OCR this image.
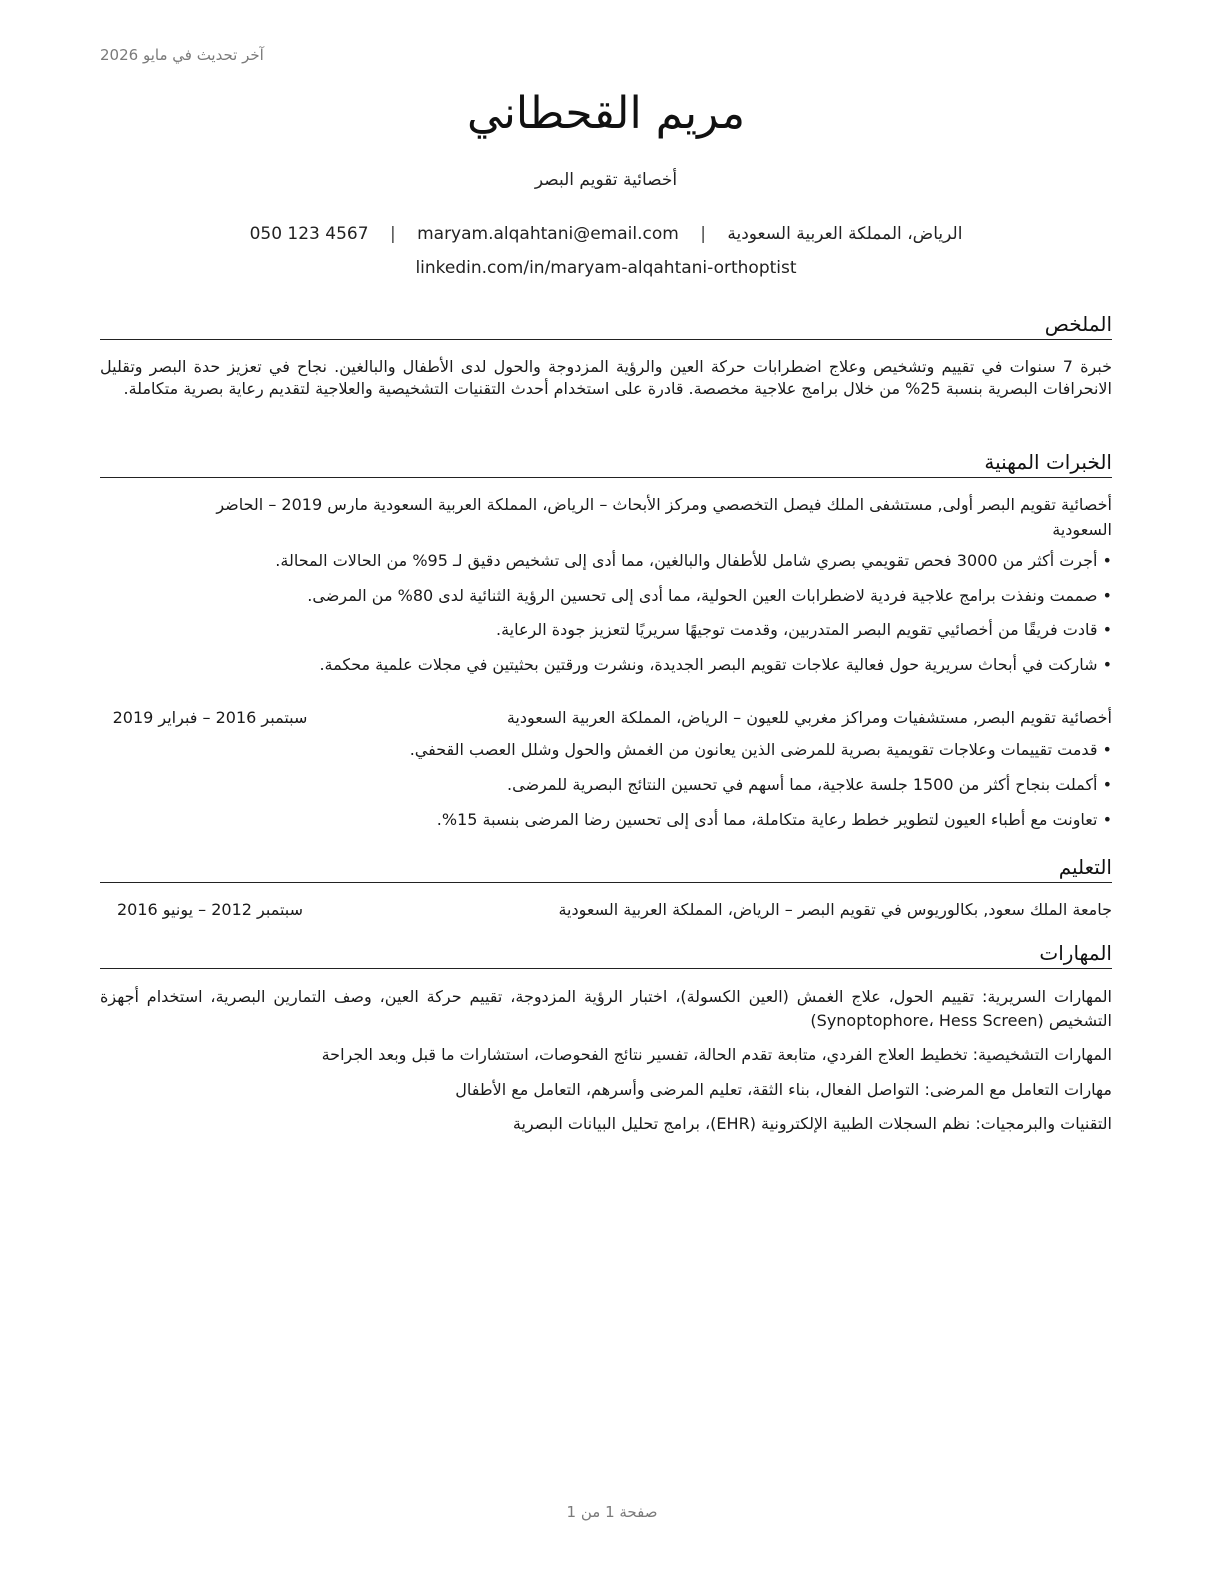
آخر تحديث في مايو 2026
مريم القحطاني
أخصائية تقويم البصر
الرياض، المملكة العربية السعودية | maryam.alqahtani@email.com | 050 123 4567
linkedin.com/in/maryam-alqahtani-orthoptist
الملخص
خبرة 7 سنوات في تقييم وتشخيص وعلاج اضطرابات حركة العين والرؤية المزدوجة والحول لدى الأطفال والبالغين. نجاح في تعزيز حدة البصر وتقليل الانحرافات البصرية بنسبة 25% من خلال برامج علاجية مخصصة. قادرة على استخدام أحدث التقنيات التشخيصية والعلاجية لتقديم رعاية بصرية متكاملة.
الخبرات المهنية
أخصائية تقويم البصر أولى, مستشفى الملك فيصل التخصصي ومركز الأبحاث – الرياض، المملكة العربية السعودية مارس 2019 – الحاضر
السعودية
• أجرت أكثر من 3000 فحص تقويمي بصري شامل للأطفال والبالغين، مما أدى إلى تشخيص دقيق لـ 95% من الحالات المحالة.
• صممت ونفذت برامج علاجية فردية لاضطرابات العين الحولية، مما أدى إلى تحسين الرؤية الثنائية لدى 80% من المرضى.
• قادت فريقًا من أخصائيي تقويم البصر المتدربين، وقدمت توجيهًا سريريًا لتعزيز جودة الرعاية.
• شاركت في أبحاث سريرية حول فعالية علاجات تقويم البصر الجديدة، ونشرت ورقتين بحثيتين في مجلات علمية محكمة.
أخصائية تقويم البصر, مستشفيات ومراكز مغربي للعيون – الرياض، المملكة العربية السعودية
سبتمبر 2016 – فبراير 2019
• قدمت تقييمات وعلاجات تقويمية بصرية للمرضى الذين يعانون من الغمش والحول وشلل العصب القحفي.
• أكملت بنجاح أكثر من 1500 جلسة علاجية، مما أسهم في تحسين النتائج البصرية للمرضى.
• تعاونت مع أطباء العيون لتطوير خطط رعاية متكاملة، مما أدى إلى تحسين رضا المرضى بنسبة 15%.
التعليم
جامعة الملك سعود, بكالوريوس في تقويم البصر – الرياض، المملكة العربية السعودية
سبتمبر 2012 – يونيو 2016
المهارات
المهارات السريرية: تقييم الحول، علاج الغمش (العين الكسولة)، اختبار الرؤية المزدوجة، تقييم حركة العين، وصف التمارين البصرية، استخدام أجهزة التشخيص (Synoptophore، Hess Screen)
المهارات التشخيصية: تخطيط العلاج الفردي، متابعة تقدم الحالة، تفسير نتائج الفحوصات، استشارات ما قبل وبعد الجراحة
مهارات التعامل مع المرضى: التواصل الفعال، بناء الثقة، تعليم المرضى وأسرهم، التعامل مع الأطفال
التقنيات والبرمجيات: نظم السجلات الطبية الإلكترونية (EHR)، برامج تحليل البيانات البصرية
صفحة 1 من 1
